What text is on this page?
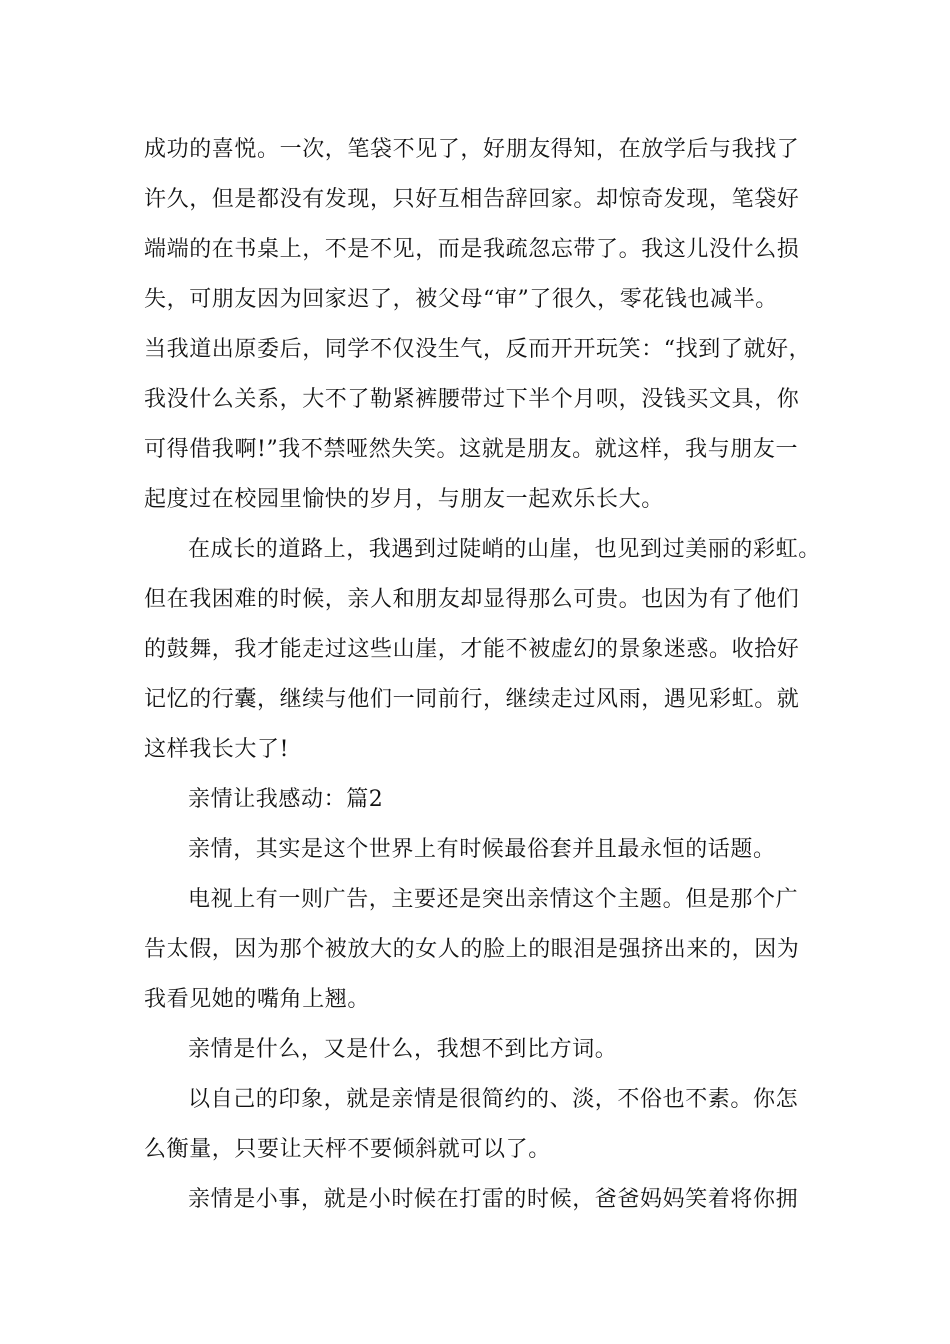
成功的喜悦。一次，笔袋不见了，好朋友得知，在放学后与我找了
许久，但是都没有发现，只好互相告辞回家。却惊奇发现，笔袋好
端端的在书桌上，不是不见，而是我疏忽忘带了。我这儿没什么损
失，可朋友因为回家迟了，被父母“审”了很久，零花钱也减半。
当我道出原委后，同学不仅没生气，反而开开玩笑：“找到了就好，
我没什么关系，大不了勒紧裤腰带过下半个月呗，没钱买文具，你
可得借我啊!”我不禁哑然失笑。这就是朋友。就这样，我与朋友一
起度过在校园里愉快的岁月，与朋友一起欢乐长大。
在成长的道路上，我遇到过陡峭的山崖，也见到过美丽的彩虹。
但在我困难的时候，亲人和朋友却显得那么可贵。也因为有了他们
的鼓舞，我才能走过这些山崖，才能不被虚幻的景象迷惑。收拾好
记忆的行囊，继续与他们一同前行，继续走过风雨，遇见彩虹。就
这样我长大了!
亲情让我感动：篇2
亲情，其实是这个世界上有时候最俗套并且最永恒的话题。
电视上有一则广告，主要还是突出亲情这个主题。但是那个广
告太假，因为那个被放大的女人的脸上的眼泪是强挤出来的，因为
我看见她的嘴角上翘。
亲情是什么，又是什么，我想不到比方词。
以自己的印象，就是亲情是很简约的、淡，不俗也不素。你怎
么衡量，只要让天枰不要倾斜就可以了。
亲情是小事，就是小时候在打雷的时候，爸爸妈妈笑着将你拥
